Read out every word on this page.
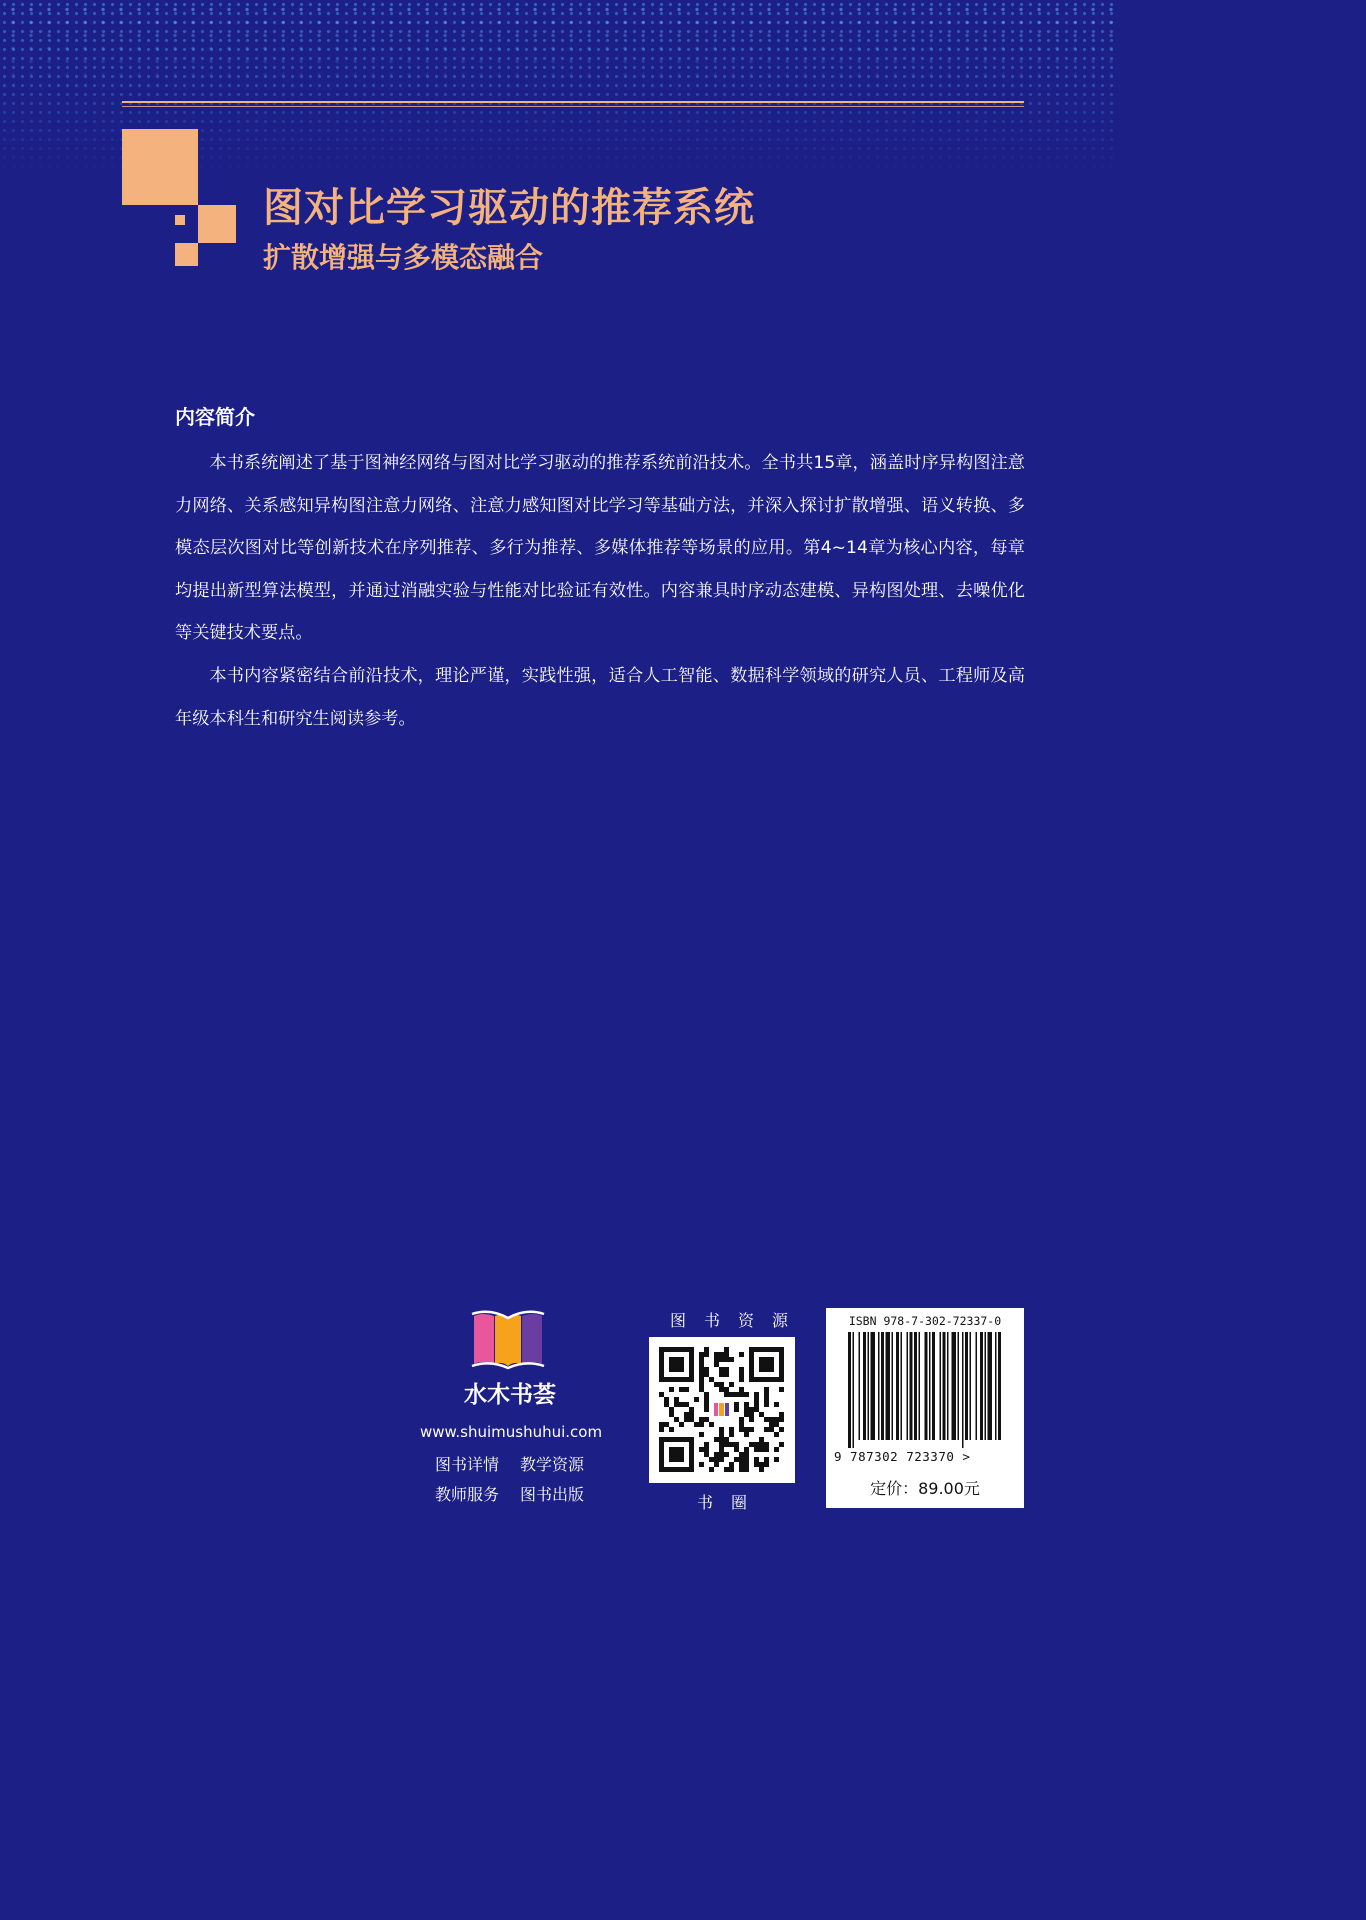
图对比学习驱动的推荐系统
扩散增强与多模态融合
内容简介

本书系统阐述了基于图神经网络与图对比学习驱动的推荐系统前沿技术。全书共15章，涵盖时序异构图注意力网络、关系感知异构图注意力网络、注意力感知图对比学习等基础方法，并深入探讨扩散增强、语义转换、多模态层次图对比等创新技术在序列推荐、多行为推荐、多媒体推荐等场景的应用。第4~14章为核心内容，每章均提出新型算法模型，并通过消融实验与性能对比验证有效性。内容兼具时序动态建模、异构图处理、去噪优化等关键技术要点。

本书内容紧密结合前沿技术，理论严谨，实践性强，适合人工智能、数据科学领域的研究人员、工程师及高年级本科生和研究生阅读参考。

水木书荟
www.shuimushuhui.com
图书详情 教学资源
教师服务 图书出版
图书资源
书圈
ISBN 978-7-302-72337-0
9 787302 723370 >
定价：89.00元
